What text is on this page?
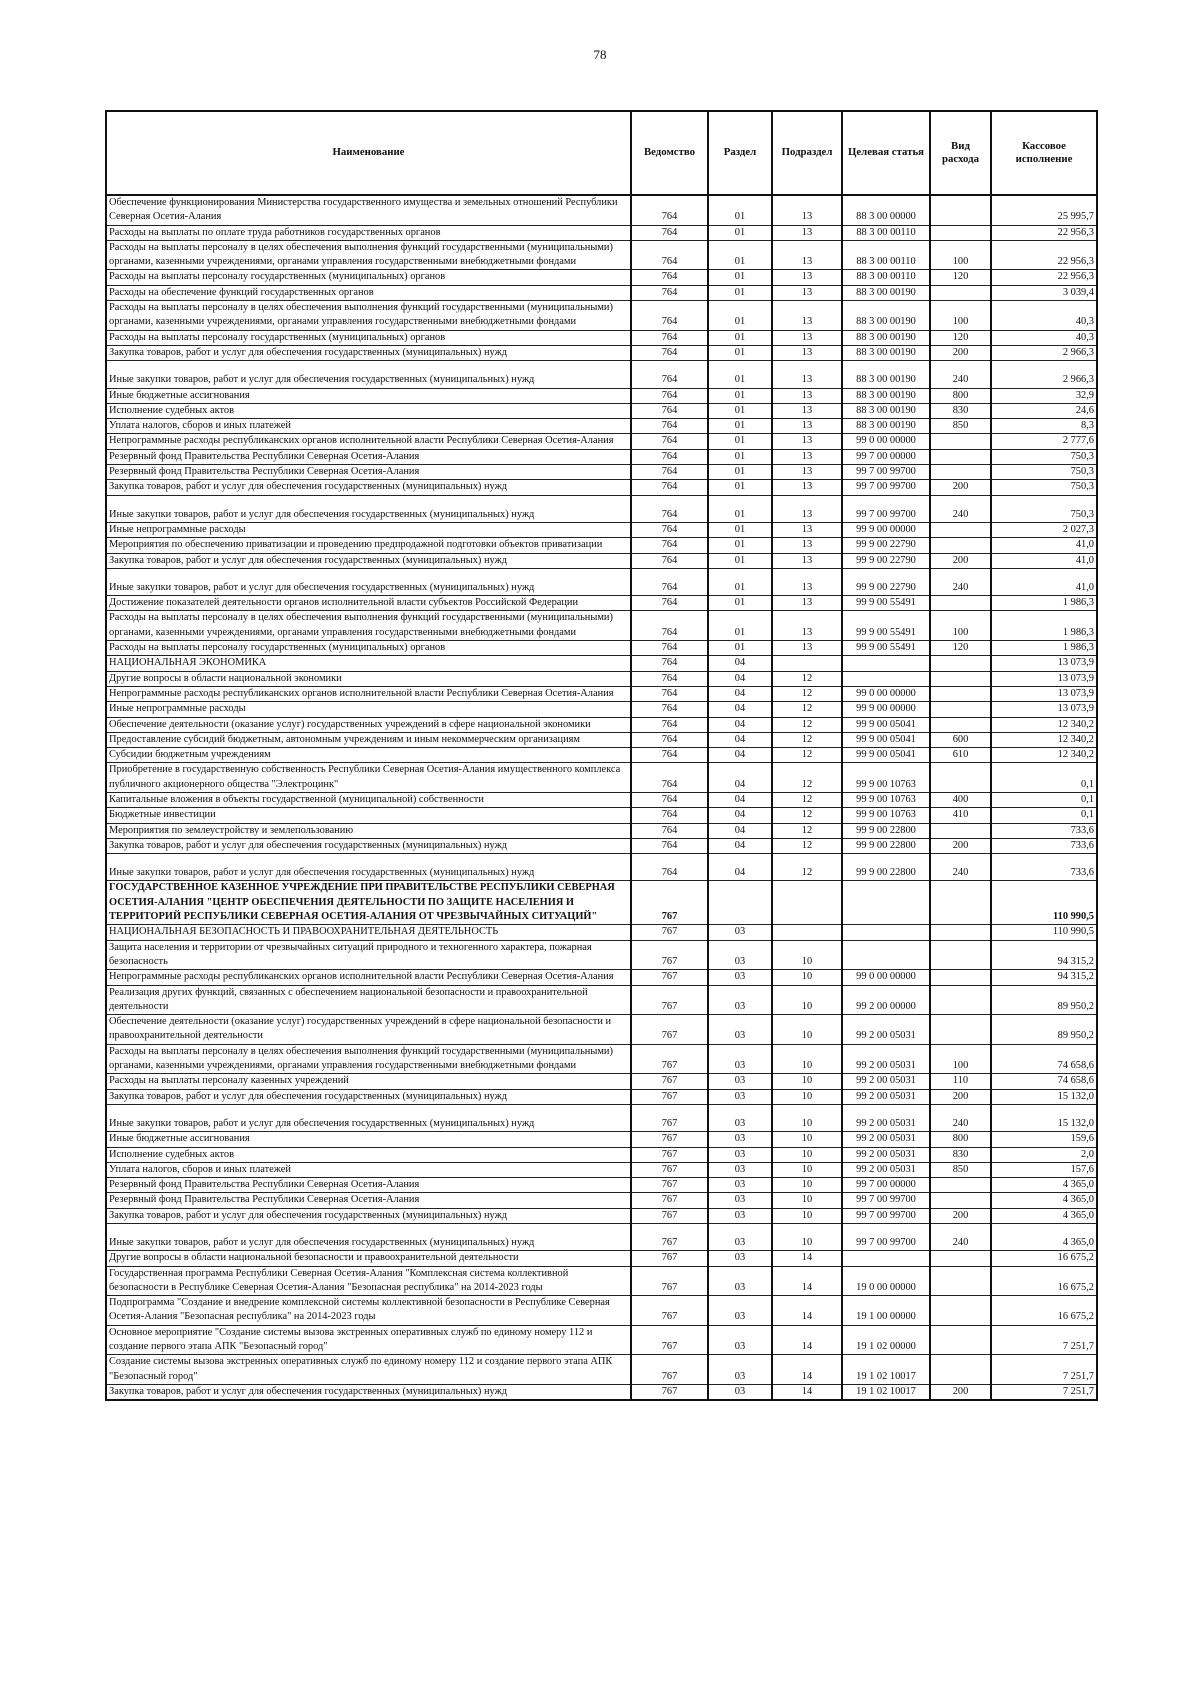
78
Наименование	Ведомство	Раздел	Подраздел	Целевая статья	Вид расхода	Кассовое исполнение
Обеспечение функционирования Министерства государственного имущества и земельных отношений Республики Северная Осетия-Алания	764	01	13	88 3 00 00000		25 995,7
Расходы на выплаты по оплате труда работников государственных органов	764	01	13	88 3 00 00110		22 956,3
Расходы на выплаты персоналу в целях обеспечения выполнения функций государственными (муниципальными) органами, казенными учреждениями, органами управления государственными внебюджетными фондами	764	01	13	88 3 00 00110	100	22 956,3
Расходы на выплаты персоналу государственных (муниципальных) органов	764	01	13	88 3 00 00110	120	22 956,3
Расходы на обеспечение функций государственных органов	764	01	13	88 3 00 00190		3 039,4
Расходы на выплаты персоналу в целях обеспечения выполнения функций государственными (муниципальными) органами, казенными учреждениями, органами управления государственными внебюджетными фондами	764	01	13	88 3 00 00190	100	40,3
Расходы на выплаты персоналу государственных (муниципальных) органов	764	01	13	88 3 00 00190	120	40,3
Закупка товаров, работ и услуг для обеспечения государственных (муниципальных) нужд	764	01	13	88 3 00 00190	200	2 966,3
Иные закупки товаров, работ и услуг для обеспечения государственных (муниципальных) нужд	764	01	13	88 3 00 00190	240	2 966,3
Иные бюджетные ассигнования	764	01	13	88 3 00 00190	800	32,9
Исполнение судебных актов	764	01	13	88 3 00 00190	830	24,6
Уплата налогов, сборов и иных платежей	764	01	13	88 3 00 00190	850	8,3
Непрограммные расходы республиканских органов исполнительной власти Республики Северная Осетия-Алания	764	01	13	99 0 00 00000		2 777,6
Резервный фонд Правительства Республики Северная Осетия-Алания	764	01	13	99 7 00 00000		750,3
Резервный фонд Правительства Республики Северная Осетия-Алания	764	01	13	99 7 00 99700		750,3
Закупка товаров, работ и услуг для обеспечения государственных (муниципальных) нужд	764	01	13	99 7 00 99700	200	750,3
Иные закупки товаров, работ и услуг для обеспечения государственных (муниципальных) нужд	764	01	13	99 7 00 99700	240	750,3
Иные непрограммные расходы	764	01	13	99 9 00 00000		2 027,3
Мероприятия по обеспечению приватизации и проведению предпродажной подготовки объектов приватизации	764	01	13	99 9 00 22790		41,0
Закупка товаров, работ и услуг для обеспечения государственных (муниципальных) нужд	764	01	13	99 9 00 22790	200	41,0
Иные закупки товаров, работ и услуг для обеспечения государственных (муниципальных) нужд	764	01	13	99 9 00 22790	240	41,0
Достижение показателей деятельности органов исполнительной власти субъектов Российской Федерации	764	01	13	99 9 00 55491		1 986,3
Расходы на выплаты персоналу в целях обеспечения выполнения функций государственными (муниципальными) органами, казенными учреждениями, органами управления государственными внебюджетными фондами	764	01	13	99 9 00 55491	100	1 986,3
Расходы на выплаты персоналу государственных (муниципальных) органов	764	01	13	99 9 00 55491	120	1 986,3
НАЦИОНАЛЬНАЯ ЭКОНОМИКА	764	04				13 073,9
Другие вопросы в области национальной экономики	764	04	12			13 073,9
Непрограммные расходы республиканских органов исполнительной власти Республики Северная Осетия-Алания	764	04	12	99 0 00 00000		13 073,9
Иные непрограммные расходы	764	04	12	99 9 00 00000		13 073,9
Обеспечение деятельности (оказание услуг) государственных учреждений в сфере национальной экономики	764	04	12	99 9 00 05041		12 340,2
Предоставление субсидий бюджетным, автономным учреждениям и иным некоммерческим организациям	764	04	12	99 9 00 05041	600	12 340,2
Субсидии бюджетным учреждениям	764	04	12	99 9 00 05041	610	12 340,2
Приобретение в государственную собственность Республики Северная Осетия-Алания имущественного комплекса публичного акционерного общества "Электроцинк"	764	04	12	99 9 00 10763		0,1
Капитальные вложения в объекты государственной (муниципальной) собственности	764	04	12	99 9 00 10763	400	0,1
Бюджетные инвестиции	764	04	12	99 9 00 10763	410	0,1
Мероприятия по землеустройству и землепользованию	764	04	12	99 9 00 22800		733,6
Закупка товаров, работ и услуг для обеспечения государственных (муниципальных) нужд	764	04	12	99 9 00 22800	200	733,6
Иные закупки товаров, работ и услуг для обеспечения государственных (муниципальных) нужд	764	04	12	99 9 00 22800	240	733,6
ГОСУДАРСТВЕННОЕ КАЗЕННОЕ УЧРЕЖДЕНИЕ ПРИ ПРАВИТЕЛЬСТВЕ РЕСПУБЛИКИ СЕВЕРНАЯ ОСЕТИЯ-АЛАНИЯ "ЦЕНТР ОБЕСПЕЧЕНИЯ ДЕЯТЕЛЬНОСТИ ПО ЗАЩИТЕ НАСЕЛЕНИЯ И ТЕРРИТОРИЙ РЕСПУБЛИКИ СЕВЕРНАЯ ОСЕТИЯ-АЛАНИЯ ОТ ЧРЕЗВЫЧАЙНЫХ СИТУАЦИЙ"	767					110 990,5
НАЦИОНАЛЬНАЯ БЕЗОПАСНОСТЬ И ПРАВООХРАНИТЕЛЬНАЯ ДЕЯТЕЛЬНОСТЬ	767	03				110 990,5
Защита населения и территории от чрезвычайных ситуаций природного и техногенного характера, пожарная безопасность	767	03	10			94 315,2
Непрограммные расходы республиканских органов исполнительной власти Республики Северная Осетия-Алания	767	03	10	99 0 00 00000		94 315,2
Реализация других функций, связанных с обеспечением национальной безопасности и правоохранительной деятельности	767	03	10	99 2 00 00000		89 950,2
Обеспечение деятельности (оказание услуг) государственных учреждений в сфере национальной безопасности и правоохранительной деятельности	767	03	10	99 2 00 05031		89 950,2
Расходы на выплаты персоналу в целях обеспечения выполнения функций государственными (муниципальными) органами, казенными учреждениями, органами управления государственными внебюджетными фондами	767	03	10	99 2 00 05031	100	74 658,6
Расходы на выплаты персоналу казенных учреждений	767	03	10	99 2 00 05031	110	74 658,6
Закупка товаров, работ и услуг для обеспечения государственных (муниципальных) нужд	767	03	10	99 2 00 05031	200	15 132,0
Иные закупки товаров, работ и услуг для обеспечения государственных (муниципальных) нужд	767	03	10	99 2 00 05031	240	15 132,0
Иные бюджетные ассигнования	767	03	10	99 2 00 05031	800	159,6
Исполнение судебных актов	767	03	10	99 2 00 05031	830	2,0
Уплата налогов, сборов и иных платежей	767	03	10	99 2 00 05031	850	157,6
Резервный фонд Правительства Республики Северная Осетия-Алания	767	03	10	99 7 00 00000		4 365,0
Резервный фонд Правительства Республики Северная Осетия-Алания	767	03	10	99 7 00 99700		4 365,0
Закупка товаров, работ и услуг для обеспечения государственных (муниципальных) нужд	767	03	10	99 7 00 99700	200	4 365,0
Иные закупки товаров, работ и услуг для обеспечения государственных (муниципальных) нужд	767	03	10	99 7 00 99700	240	4 365,0
Другие вопросы в области национальной безопасности и правоохранительной деятельности	767	03	14			16 675,2
Государственная программа Республики Северная Осетия-Алания "Комплексная система коллективной безопасности в Республике Северная Осетия-Алания "Безопасная республика" на 2014-2023 годы	767	03	14	19 0 00 00000		16 675,2
Подпрограмма "Создание и внедрение комплексной системы коллективной безопасности в Республике Северная Осетия-Алания "Безопасная республика" на 2014-2023 годы	767	03	14	19 1 00 00000		16 675,2
Основное мероприятие "Создание системы вызова экстренных оперативных служб по единому номеру 112 и создание первого этапа АПК "Безопасный город"	767	03	14	19 1 02 00000		7 251,7
Создание системы вызова экстренных оперативных служб по единому номеру 112 и создание первого этапа АПК "Безопасный город"	767	03	14	19 1 02 10017		7 251,7
Закупка товаров, работ и услуг для обеспечения государственных (муниципальных) нужд	767	03	14	19 1 02 10017	200	7 251,7
